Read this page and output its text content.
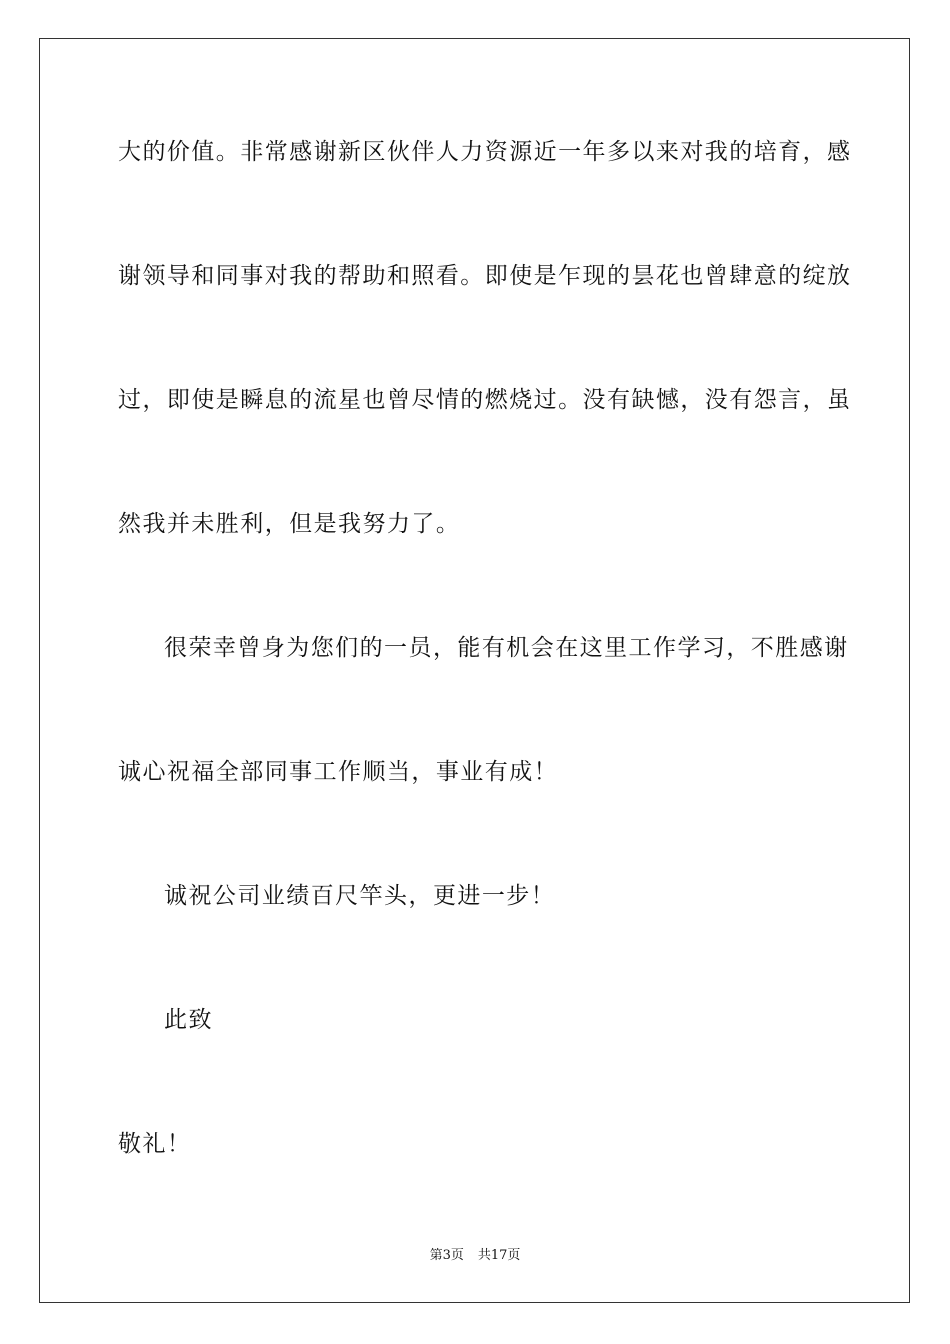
大的价值。非常感谢新区伙伴人力资源近一年多以来对我的培育，感
谢领导和同事对我的帮助和照看。即使是乍现的昙花也曾肆意的绽放
过，即使是瞬息的流星也曾尽情的燃烧过。没有缺憾，没有怨言，虽
然我并未胜利，但是我努力了。
很荣幸曾身为您们的一员，能有机会在这里工作学习，不胜感谢
诚心祝福全部同事工作顺当，事业有成！
诚祝公司业绩百尺竿头，更进一步！
此致
敬礼！
第3页 共17页
